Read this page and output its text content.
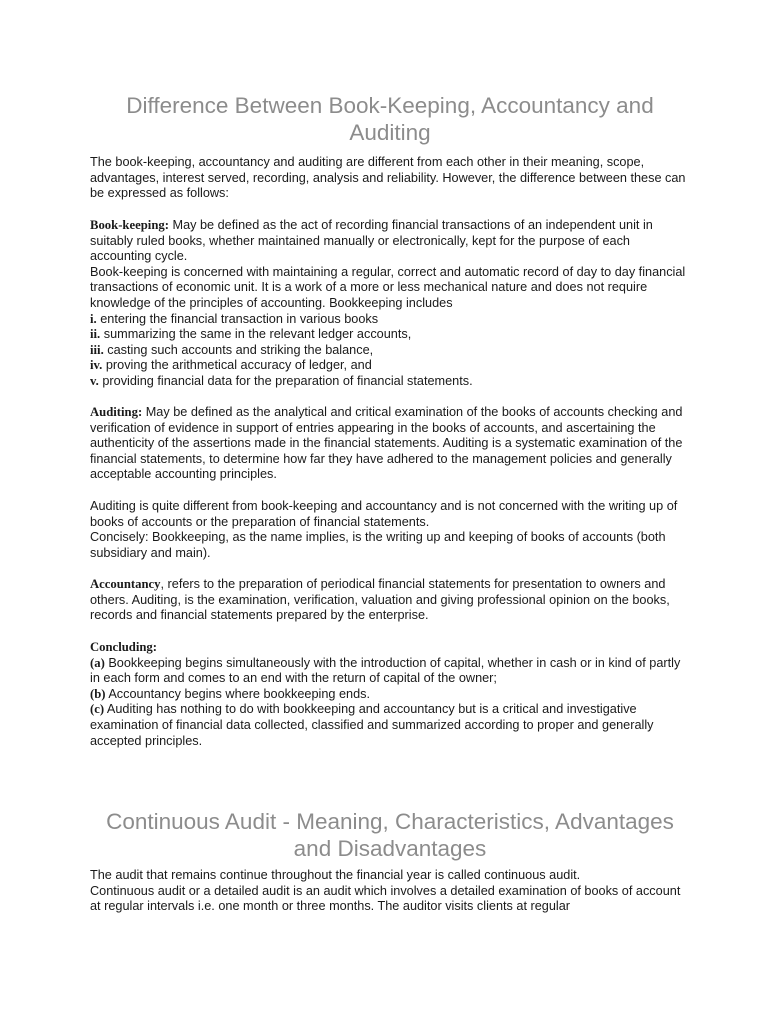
Difference Between Book-Keeping, Accountancy and Auditing

The book-keeping, accountancy and auditing are different from each other in their meaning, scope, advantages, interest served, recording, analysis and reliability. However, the difference between these can be expressed as follows:

Book-keeping: May be defined as the act of recording financial transactions of an independent unit in suitably ruled books, whether maintained manually or electronically, kept for the purpose of each accounting cycle.

Book-keeping is concerned with maintaining a regular, correct and automatic record of day to day financial transactions of economic unit. It is a work of a more or less mechanical nature and does not require knowledge of the principles of accounting. Bookkeeping includes

i. entering the financial transaction in various books

ii. summarizing the same in the relevant ledger accounts,

iii. casting such accounts and striking the balance,

iv. proving the arithmetical accuracy of ledger, and

v. providing financial data for the preparation of financial statements.

Auditing: May be defined as the analytical and critical examination of the books of accounts checking and verification of evidence in support of entries appearing in the books of accounts, and ascertaining the authenticity of the assertions made in the financial statements. Auditing is a systematic examination of the financial statements, to determine how far they have adhered to the management policies and generally acceptable accounting principles.

Auditing is quite different from book-keeping and accountancy and is not concerned with the writing up of books of accounts or the preparation of financial statements.

Concisely: Bookkeeping, as the name implies, is the writing up and keeping of books of accounts (both subsidiary and main).

Accountancy, refers to the preparation of periodical financial statements for presentation to owners and others. Auditing, is the examination, verification, valuation and giving professional opinion on the books, records and financial statements prepared by the enterprise.

Concluding:

(a) Bookkeeping begins simultaneously with the introduction of capital, whether in cash or in kind of partly in each form and comes to an end with the return of capital of the owner;

(b) Accountancy begins where bookkeeping ends.

(c) Auditing has nothing to do with bookkeeping and accountancy but is a critical and investigative examination of financial data collected, classified and summarized according to proper and generally accepted principles.

Continuous Audit - Meaning, Characteristics, Advantages and Disadvantages

The audit that remains continue throughout the financial year is called continuous audit.

Continuous audit or a detailed audit is an audit which involves a detailed examination of books of account at regular intervals i.e. one month or three months. The auditor visits clients at regular
